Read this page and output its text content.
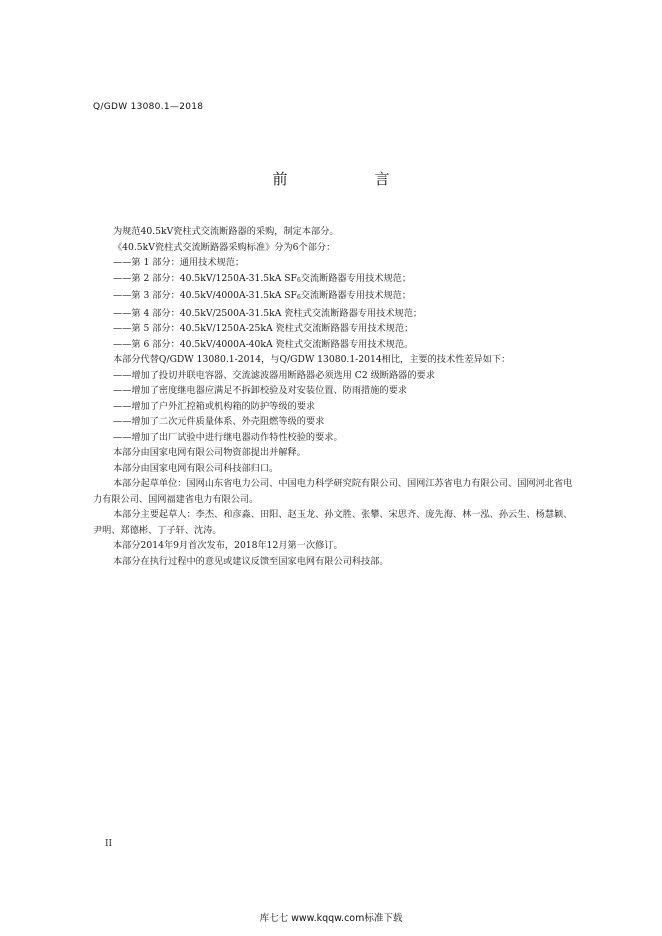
Q/GDW 13080.1—2018
前　言
为规范40.5kV瓷柱式交流断路器的采购，制定本部分。
《40.5kV瓷柱式交流断路器采购标准》分为6个部分：
——第 1 部分：通用技术规范；
——第 2 部分：40.5kV/1250A-31.5kA SF6交流断路器专用技术规范；
——第 3 部分：40.5kV/4000A-31.5kA SF6交流断路器专用技术规范；
——第 4 部分：40.5kV/2500A-31.5kA 瓷柱式交流断路器专用技术规范；
——第 5 部分：40.5kV/1250A-25kA 瓷柱式交流断路器专用技术规范；
——第 6 部分：40.5kV/4000A-40kA 瓷柱式交流断路器专用技术规范。
本部分代替Q/GDW 13080.1-2014，与Q/GDW 13080.1-2014相比，主要的技术性差异如下：
——增加了投切并联电容器、交流滤波器用断路器必须选用 C2 级断路器的要求
——增加了密度继电器应满足不拆卸校验及对安装位置、防雨措施的要求
——增加了户外汇控箱或机构箱的防护等级的要求
——增加了二次元件质量体系、外壳阻燃等级的要求
——增加了出厂试验中进行继电器动作特性校验的要求。
本部分由国家电网有限公司物资部提出并解释。
本部分由国家电网有限公司科技部归口。
本部分起草单位：国网山东省电力公司、中国电力科学研究院有限公司、国网江苏省电力有限公司、国网河北省电力有限公司、国网福建省电力有限公司。
本部分主要起草人：李杰、和彦淼、田阳、赵玉龙、孙文胜、张攀、宋思齐、庞先海、林一泓、孙云生、杨慧颖、尹明、郑德彬、丁子轩、沈涛。
本部分2014年9月首次发布，2018年12月第一次修订。
本部分在执行过程中的意见或建议反馈至国家电网有限公司科技部。
II
库七七 www.kqqw.com标准下载
